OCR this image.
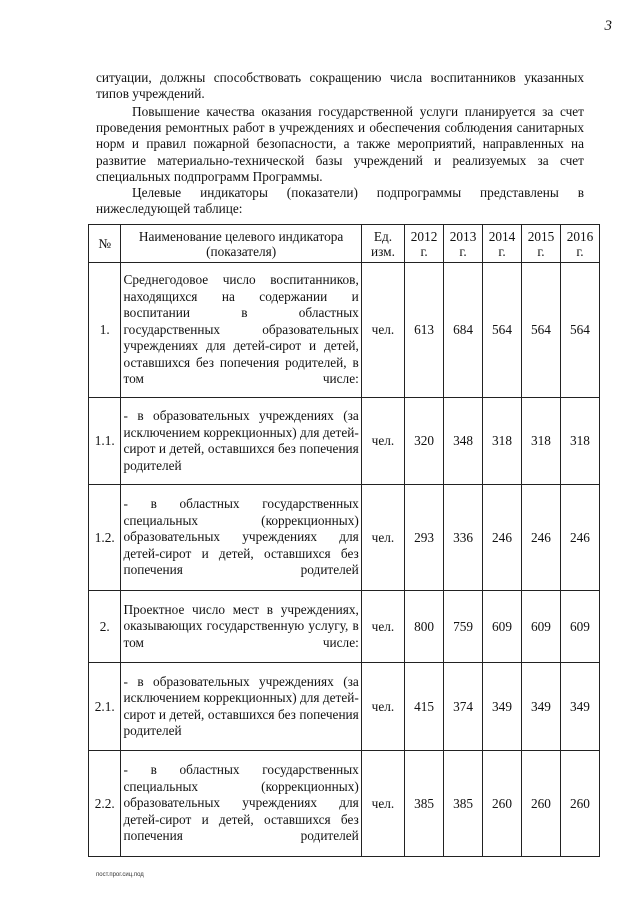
3

ситуации, должны способствовать сокращению числа воспитанников указанных типов учреждений.

Повышение качества оказания государственной услуги планируется за счет проведения ремонтных работ в учреждениях и обеспечения соблюдения санитарных норм и правил пожарной безопасности, а также мероприятий, направленных на развитие материально-технической базы учреждений и реализуемых за счет специальных подпрограмм Программы.

Целевые индикаторы (показатели) подпрограммы представлены в нижеследующей таблице:

№	Наименование целевого индикатора (показателя)	Ед. изм.	2012 г.	2013 г.	2014 г.	2015 г.	2016 г.
1.	Среднегодовое число воспитанников, находящихся на содержании и воспитании в областных государственных образовательных учреждениях для детей-сирот и детей, оставшихся без попечения родителей, в том числе:	чел.	613	684	564	564	564
1.1.	- в образовательных учреждениях (за исключением коррекционных) для детей-сирот и детей, оставшихся без попечения родителей	чел.	320	348	318	318	318
1.2.	- в областных государственных специальных (коррекционных) образовательных учреждениях для детей-сирот и детей, оставшихся без попечения родителей	чел.	293	336	246	246	246
2.	Проектное число мест в учреждениях, оказывающих государственную услугу, в том числе:	чел.	800	759	609	609	609
2.1.	- в образовательных учреждениях (за исключением коррекционных) для детей-сирот и детей, оставшихся без попечения родителей	чел.	415	374	349	349	349
2.2.	- в областных государственных специальных (коррекционных) образовательных учреждениях для детей-сирот и детей, оставшихся без попечения родителей	чел.	385	385	260	260	260
пост.прог.сиц.под
